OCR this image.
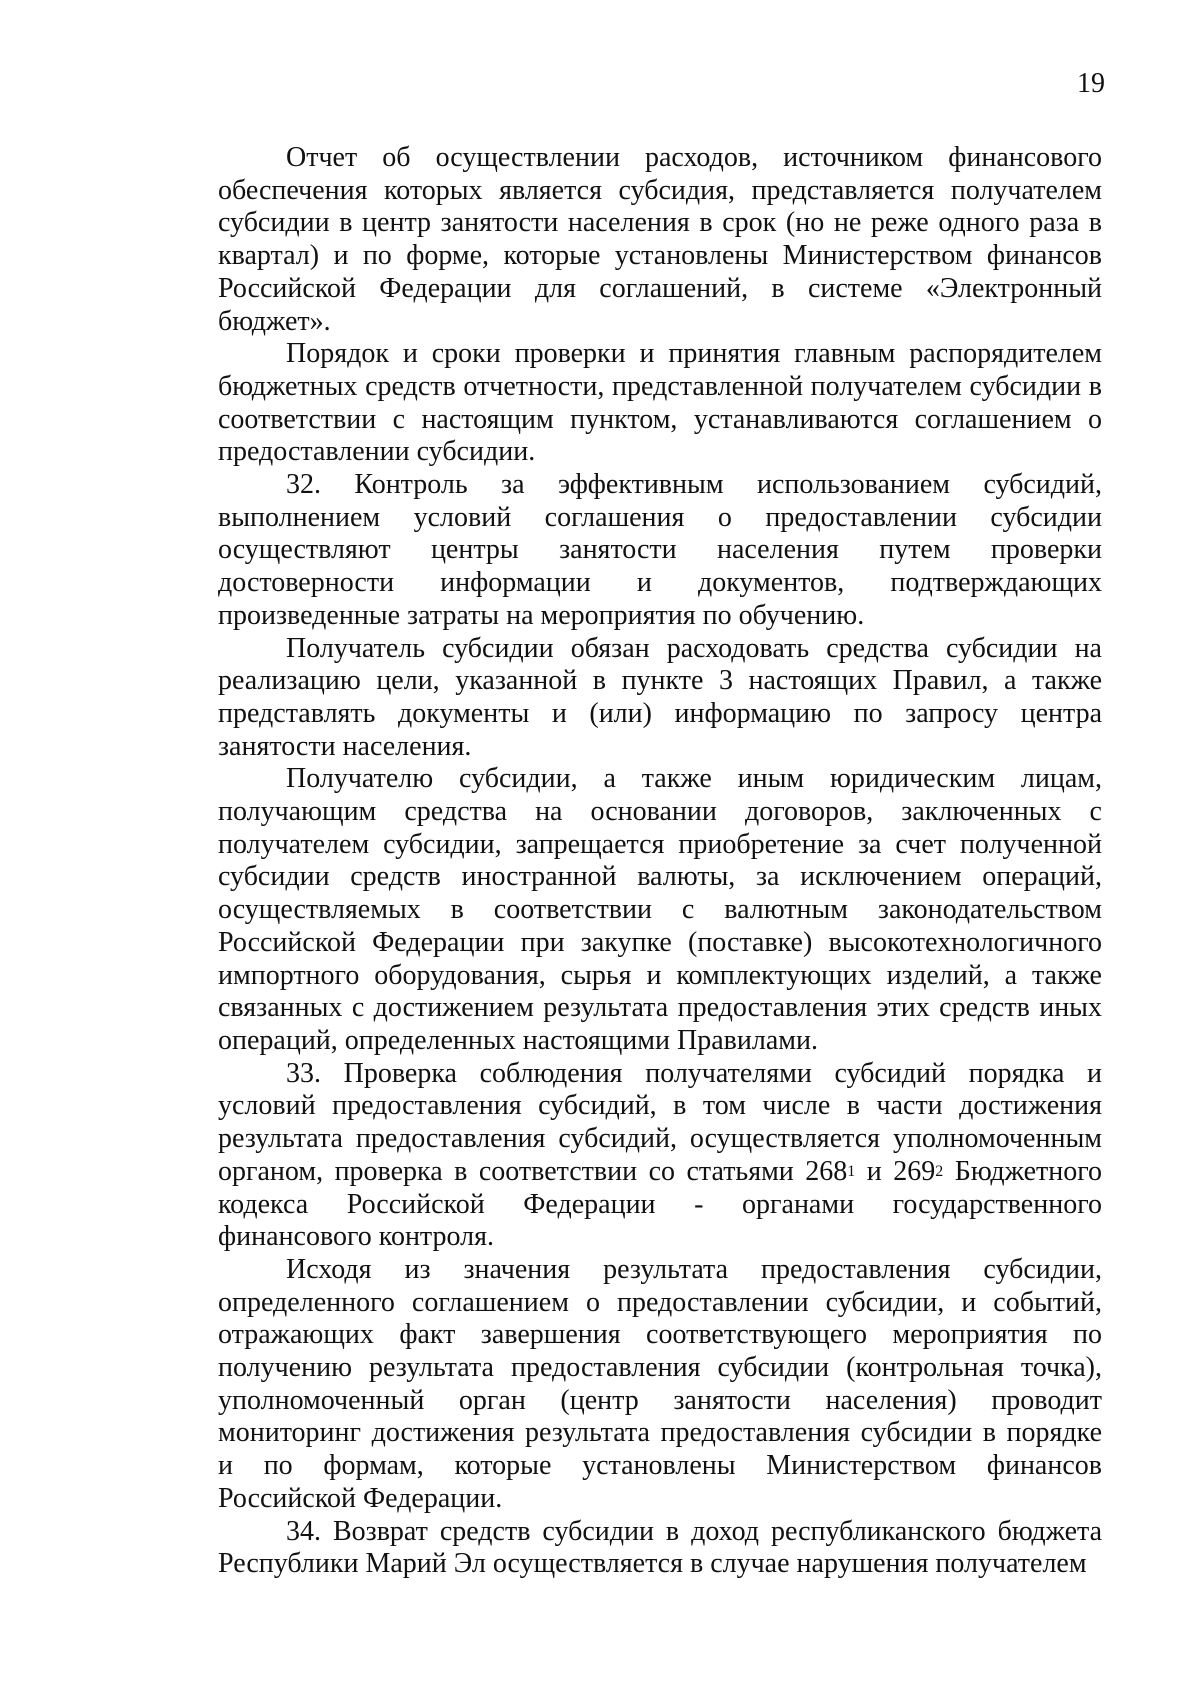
19

Отчет об осуществлении расходов, источником финансового обеспечения которых является субсидия, представляется получателем субсидии в центр занятости населения в срок (но не реже одного раза в квартал) и по форме, которые установлены Министерством финансов Российской Федерации для соглашений, в системе «Электронный бюджет».

Порядок и сроки проверки и принятия главным распорядителем бюджетных средств отчетности, представленной получателем субсидии в соответствии с настоящим пунктом, устанавливаются соглашением о предоставлении субсидии.

32. Контроль за эффективным использованием субсидий, выполнением условий соглашения о предоставлении субсидии осуществляют центры занятости населения путем проверки достоверности информации и документов, подтверждающих произведенные затраты на мероприятия по обучению.

Получатель субсидии обязан расходовать средства субсидии на реализацию цели, указанной в пункте 3 настоящих Правил, а также представлять документы и (или) информацию по запросу центра занятости населения.

Получателю субсидии, а также иным юридическим лицам, получающим средства на основании договоров, заключенных с получателем субсидии, запрещается приобретение за счет полученной субсидии средств иностранной валюты, за исключением операций, осуществляемых в соответствии с валютным законодательством Российской Федерации при закупке (поставке) высокотехнологичного импортного оборудования, сырья и комплектующих изделий, а также связанных с достижением результата предоставления этих средств иных операций, определенных настоящими Правилами.

33. Проверка соблюдения получателями субсидий порядка и условий предоставления субсидий, в том числе в части достижения результата предоставления субсидий, осуществляется уполномоченным органом, проверка в соответствии со статьями $268^1$ и $269^2$ Бюджетного кодекса Российской Федерации - органами государственного финансового контроля.

Исходя из значения результата предоставления субсидии, определенного соглашением о предоставлении субсидии, и событий, отражающих факт завершения соответствующего мероприятия по получению результата предоставления субсидии (контрольная точка), уполномоченный орган (центр занятости населения) проводит мониторинг достижения результата предоставления субсидии в порядке и по формам, которые установлены Министерством финансов Российской Федерации.

34. Возврат средств субсидии в доход республиканского бюджета Республики Марий Эл осуществляется в случае нарушения получателем
